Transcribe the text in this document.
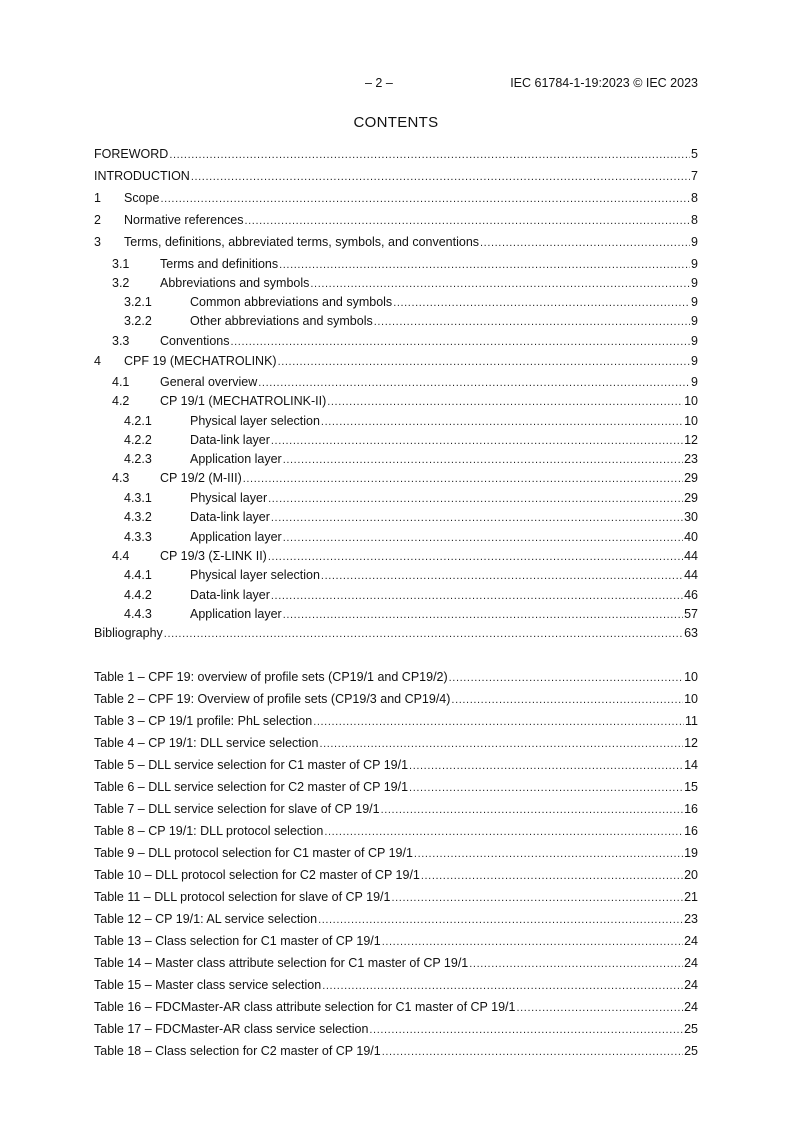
– 2 –	IEC 61784-1-19:2023 © IEC 2023
CONTENTS
FOREWORD .....	5
INTRODUCTION .....	7
1	Scope .....	8
2	Normative references .....	8
3	Terms, definitions, abbreviated terms, symbols, and conventions .....	9
3.1	Terms and definitions .....	9
3.2	Abbreviations and symbols .....	9
3.2.1	Common abbreviations and symbols .....	9
3.2.2	Other abbreviations and symbols .....	9
3.3	Conventions .....	9
4	CPF 19 (MECHATROLINK) .....	9
4.1	General overview .....	9
4.2	CP 19/1 (MECHATROLINK-II) .....	10
4.2.1	Physical layer selection .....	10
4.2.2	Data-link layer .....	12
4.2.3	Application layer .....	23
4.3	CP 19/2 (M-III) .....	29
4.3.1	Physical layer .....	29
4.3.2	Data-link layer .....	30
4.3.3	Application layer .....	40
4.4	CP 19/3 (Σ-LINK II) .....	44
4.4.1	Physical layer selection .....	44
4.4.2	Data-link layer .....	46
4.4.3	Application layer .....	57
Bibliography .....	63
Table 1 – CPF 19: overview of profile sets (CP19/1 and CP19/2) .....	10
Table 2 – CPF 19: Overview of profile sets (CP19/3 and CP19/4) .....	10
Table 3 – CP 19/1 profile: PhL selection .....	11
Table 4 – CP 19/1: DLL service selection .....	12
Table 5 – DLL service selection for C1 master of CP 19/1 .....	14
Table 6 – DLL service selection for C2 master of CP 19/1 .....	15
Table 7 – DLL service selection for slave of CP 19/1 .....	16
Table 8 – CP 19/1: DLL protocol selection .....	16
Table 9 – DLL protocol selection for C1 master of CP 19/1 .....	19
Table 10 – DLL protocol selection for C2 master of CP 19/1 .....	20
Table 11 – DLL protocol selection for slave of CP 19/1 .....	21
Table 12 – CP 19/1: AL service selection .....	23
Table 13 – Class selection for C1 master of CP 19/1 .....	24
Table 14 – Master class attribute selection for C1 master of CP 19/1 .....	24
Table 15 – Master class service selection .....	24
Table 16 – FDCMaster-AR class attribute selection for C1 master of CP 19/1 .....	24
Table 17 – FDCMaster-AR class service selection .....	25
Table 18 – Class selection for C2 master of CP 19/1 .....	25
